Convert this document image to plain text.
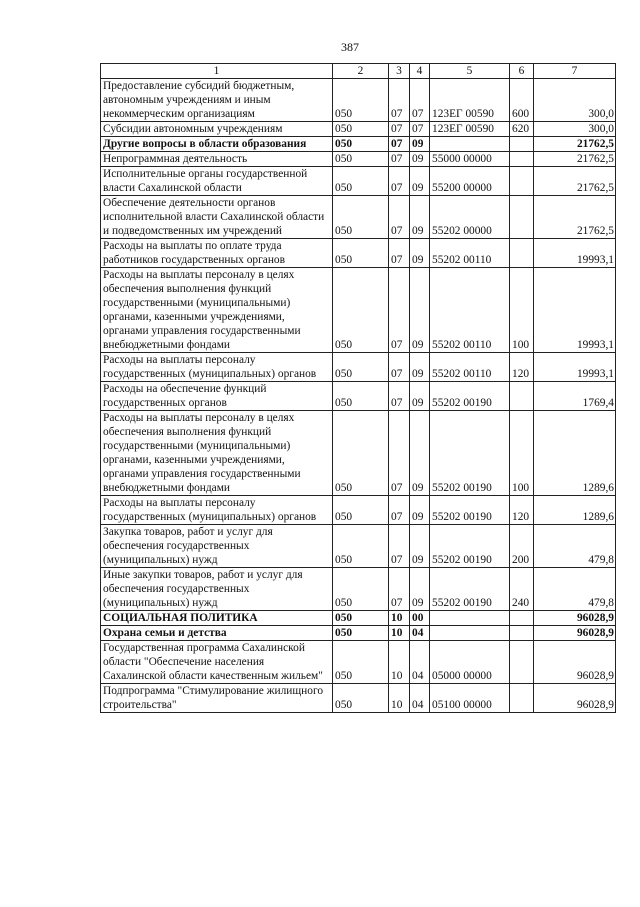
387
1	2	3	4	5	6	7
Предоставление субсидий бюджетным, автономным учреждениям и иным некоммерческим организациям	050	07	07	123ЕГ 00590	600	300,0
Субсидии автономным учреждениям	050	07	07	123ЕГ 00590	620	300,0
Другие вопросы в области образования	050	07	09			21762,5
Непрограммная деятельность	050	07	09	55000 00000		21762,5
Исполнительные органы государственной власти Сахалинской области	050	07	09	55200 00000		21762,5
Обеспечение деятельности органов исполнительной власти Сахалинской области и подведомственных им учреждений	050	07	09	55202 00000		21762,5
Расходы на выплаты по оплате труда работников государственных органов	050	07	09	55202 00110		19993,1
Расходы на выплаты персоналу в целях обеспечения выполнения функций государственными (муниципальными) органами, казенными учреждениями, органами управления государственными внебюджетными фондами	050	07	09	55202 00110	100	19993,1
Расходы на выплаты персоналу государственных (муниципальных) органов	050	07	09	55202 00110	120	19993,1
Расходы на обеспечение функций государственных органов	050	07	09	55202 00190		1769,4
Расходы на выплаты персоналу в целях обеспечения выполнения функций государственными (муниципальными) органами, казенными учреждениями, органами управления государственными внебюджетными фондами	050	07	09	55202 00190	100	1289,6
Расходы на выплаты персоналу государственных (муниципальных) органов	050	07	09	55202 00190	120	1289,6
Закупка товаров, работ и услуг для обеспечения государственных (муниципальных) нужд	050	07	09	55202 00190	200	479,8
Иные закупки товаров, работ и услуг для обеспечения государственных (муниципальных) нужд	050	07	09	55202 00190	240	479,8
СОЦИАЛЬНАЯ ПОЛИТИКА	050	10	00			96028,9
Охрана семьи и детства	050	10	04			96028,9
Государственная программа Сахалинской области "Обеспечение населения Сахалинской области качественным жильем"	050	10	04	05000 00000		96028,9
Подпрограмма "Стимулирование жилищного строительства"	050	10	04	05100 00000		96028,9
